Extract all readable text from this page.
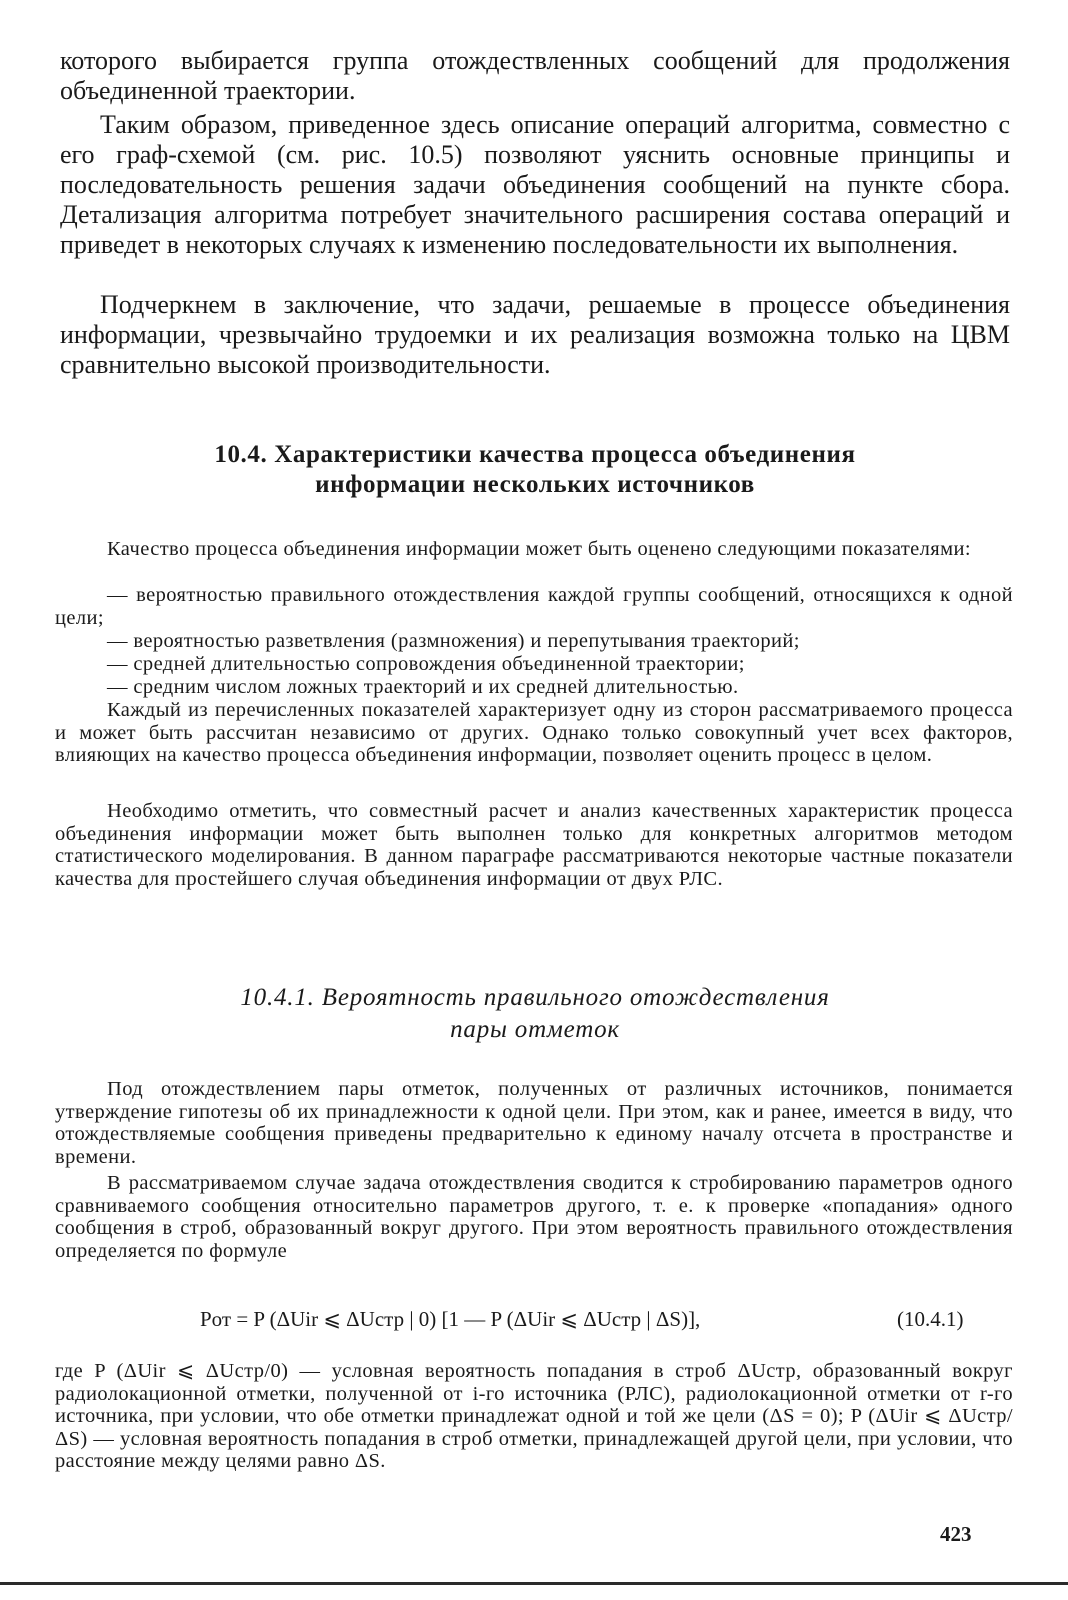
которого выбирается группа отождествленных сообщений для продолжения объединенной траектории.

Таким образом, приведенное здесь описание операций алгоритма, совместно с его граф-схемой (см. рис. 10.5) позволяют уяснить основные принципы и последовательность решения задачи объединения сообщений на пункте сбора. Детализация алгоритма потребует значительного расширения состава операций и приведет в некоторых случаях к изменению последовательности их выполнения.

Подчеркнем в заключение, что задачи, решаемые в процессе объединения информации, чрезвычайно трудоемки и их реализация возможна только на ЦВМ сравнительно высокой производительности.

10.4. Характеристики качества процесса объединения
информации нескольких источников

Качество процесса объединения информации может быть оценено следующими показателями:

— вероятностью правильного отождествления каждой группы сообщений, относящихся к одной цели;

— вероятностью разветвления (размножения) и перепутывания траекторий;

— средней длительностью сопровождения объединенной траектории;

— средним числом ложных траекторий и их средней длительностью.

Каждый из перечисленных показателей характеризует одну из сторон рассматриваемого процесса и может быть рассчитан независимо от других. Однако только совокупный учет всех факторов, влияющих на качество процесса объединения информации, позволяет оценить процесс в целом.

Необходимо отметить, что совместный расчет и анализ качественных характеристик процесса объединения информации может быть выполнен только для конкретных алгоритмов методом статистического моделирования. В данном параграфе рассматриваются некоторые частные показатели качества для простейшего случая объединения информации от двух РЛС.

10.4.1. Вероятность правильного отождествления
пары отметок

Под отождествлением пары отметок, полученных от различных источников, понимается утверждение гипотезы об их принадлежности к одной цели. При этом, как и ранее, имеется в виду, что отождествляемые сообщения приведены предварительно к единому началу отсчета в пространстве и времени.

В рассматриваемом случае задача отождествления сводится к стробированию параметров одного сравниваемого сообщения относительно параметров другого, т. е. к проверке «попадания» одного сообщения в строб, образованный вокруг другого. При этом вероятность правильного отождествления определяется по формуле

Pот = P (ΔUir ⩽ ΔUстр | 0) [1 — P (ΔUir ⩽ ΔUстр | ΔS)],	(10.4.1)

где P (ΔUir ⩽ ΔUстр/0) — условная вероятность попадания в строб ΔUстр, образованный вокруг радиолокационной отметки, полученной от i-го источника (РЛС), радиолокационной отметки от r-го источника, при условии, что обе отметки принадлежат одной и той же цели (ΔS = 0); P (ΔUir ⩽ ΔUстр/ΔS) — условная вероятность попадания в строб отметки, принадлежащей другой цели, при условии, что расстояние между целями равно ΔS.

423
